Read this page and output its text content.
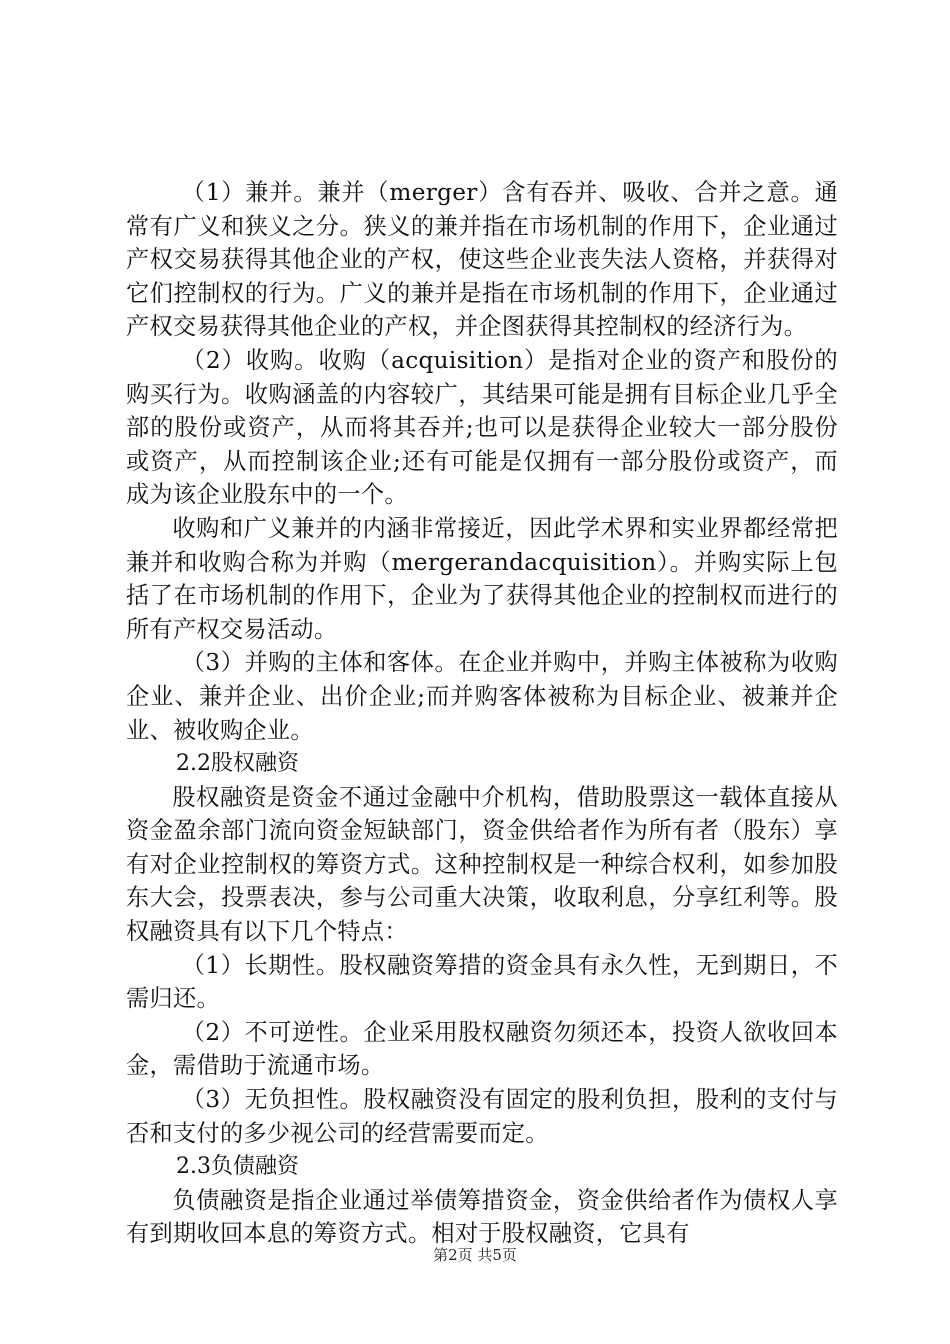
（1）兼并。兼并（merger）含有吞并、吸收、合并之意。通常有广义和狭义之分。狭义的兼并指在市场机制的作用下，企业通过产权交易获得其他企业的产权，使这些企业丧失法人资格，并获得对它们控制权的行为。广义的兼并是指在市场机制的作用下，企业通过产权交易获得其他企业的产权，并企图获得其控制权的经济行为。

（2）收购。收购（acquisition）是指对企业的资产和股份的购买行为。收购涵盖的内容较广，其结果可能是拥有目标企业几乎全部的股份或资产，从而将其吞并;也可以是获得企业较大一部分股份或资产，从而控制该企业;还有可能是仅拥有一部分股份或资产，而成为该企业股东中的一个。

收购和广义兼并的内涵非常接近，因此学术界和实业界都经常把兼并和收购合称为并购（mergerandacquisition）。并购实际上包括了在市场机制的作用下，企业为了获得其他企业的控制权而进行的所有产权交易活动。

（3）并购的主体和客体。在企业并购中，并购主体被称为收购企业、兼并企业、出价企业;而并购客体被称为目标企业、被兼并企业、被收购企业。

2.2股权融资

股权融资是资金不通过金融中介机构，借助股票这一载体直接从资金盈余部门流向资金短缺部门，资金供给者作为所有者（股东）享有对企业控制权的筹资方式。这种控制权是一种综合权利，如参加股东大会，投票表决，参与公司重大决策，收取利息，分享红利等。股权融资具有以下几个特点：

（1）长期性。股权融资筹措的资金具有永久性，无到期日，不需归还。

（2）不可逆性。企业采用股权融资勿须还本，投资人欲收回本金，需借助于流通市场。

（3）无负担性。股权融资没有固定的股利负担，股利的支付与否和支付的多少视公司的经营需要而定。

2.3负债融资

负债融资是指企业通过举债筹措资金，资金供给者作为债权人享有到期收回本息的筹资方式。相对于股权融资，它具有

第2页 共5页
